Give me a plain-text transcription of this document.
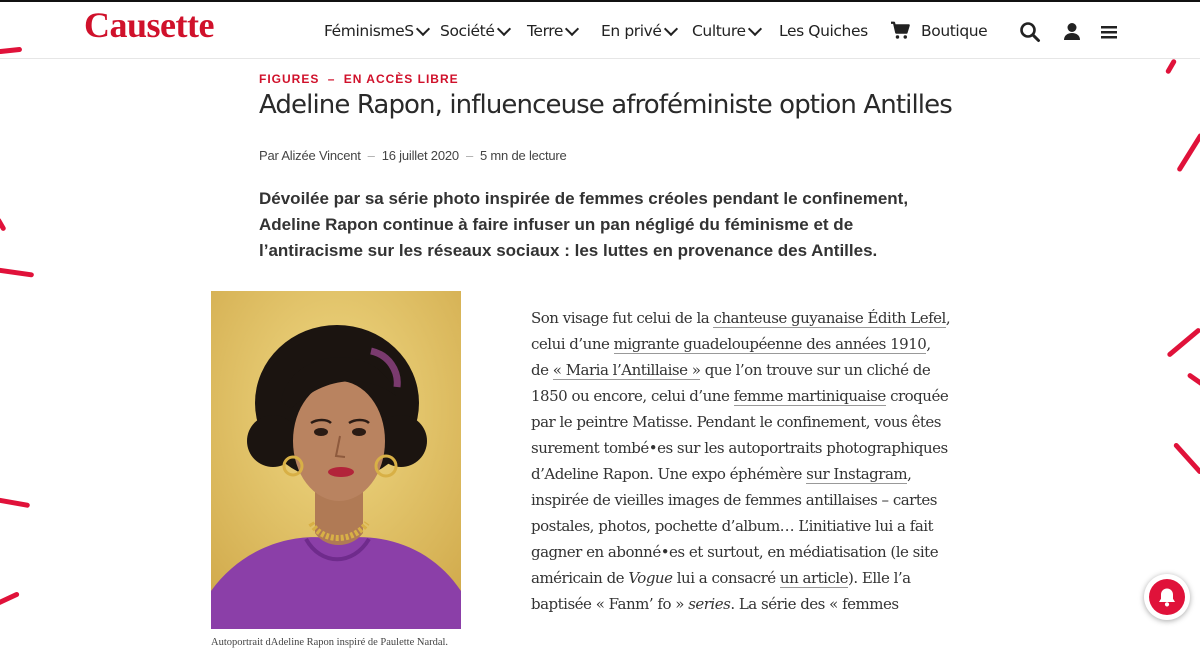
Causette	FéminismeS Société Terre En privé Culture Les Quiches	Boutique
FIGURES – EN ACCÈS LIBRE
Adeline Rapon, influenceuse afroféministe option Antilles
Par Alizée Vincent – 16 juillet 2020 – 5 mn de lecture

Dévoilée par sa série photo inspirée de femmes créoles pendant le confinement, Adeline Rapon continue à faire infuser un pan négligé du féminisme et de l’antiracisme sur les réseaux sociaux : les luttes en provenance des Antilles.

Autoportrait dAdeline Rapon inspiré de Paulette Nardal.

Son visage fut celui de la chanteuse guyanaise Édith Lefel, celui d’une migrante guadeloupéenne des années 1910, de « Maria l’Antillaise » que l’on trouve sur un cliché de 1850 ou encore, celui d’une femme martiniquaise croquée par le peintre Matisse. Pendant le confinement, vous êtes surement tombé•es sur les autoportraits photographiques d’Adeline Rapon. Une expo éphémère sur Instagram, inspirée de vieilles images de femmes antillaises – cartes postales, photos, pochette d’album… L’initiative lui a fait gagner en abonné•es et surtout, en médiatisation (le site américain de Vogue lui a consacré un article). Elle l’a baptisée « Fanm’ fo » series. La série des « femmes
